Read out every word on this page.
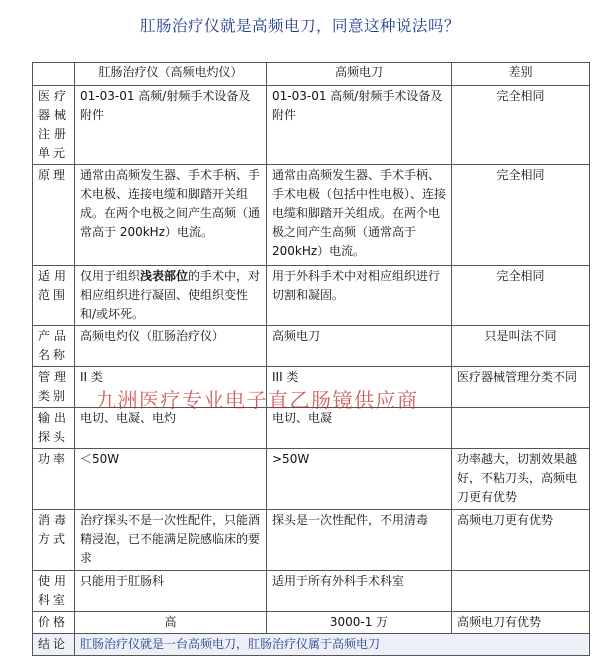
肛肠治疗仪就是高频电刀，同意这种说法吗？
	肛肠治疗仪（高频电灼仪）	高频电刀	差别
医疗器械注册单元	01-03-01 高频/射频手术设备及附件	01-03-01 高频/射频手术设备及附件	完全相同
原理	通常由高频发生器、手术手柄、手术电极、连接电缆和脚踏开关组成。在两个电极之间产生高频（通常高于 200kHz）电流。	通常由高频发生器、手术手柄、手术电极（包括中性电极）、连接电缆和脚踏开关组成。在两个电极之间产生高频（通常高于 200kHz）电流。	完全相同
适用范围	仅用于组织浅表部位的手术中，对相应组织进行凝固、使组织变性和/或坏死。	用于外科手术中对相应组织进行切割和凝固。	完全相同
产品名称	高频电灼仪（肛肠治疗仪）	高频电刀	只是叫法不同
管理类别	II 类	III 类	医疗器械管理分类不同
输出探头	电切、电凝、电灼	电切、电凝	
功率	＜50W	>50W	功率越大，切割效果越好，不粘刀头，高频电刀更有优势
消毒方式	治疗探头不是一次性配件，只能酒精浸泡，已不能满足院感临床的要求	探头是一次性配件，不用清毒	高频电刀更有优势
使用科室	只能用于肛肠科	适用于所有外科手术科室	
价格	高	3000-1 万	高频电刀有优势
结论	肛肠治疗仪就是一台高频电刀，肛肠治疗仪属于高频电刀		
九洲医疗专业电子直乙肠镜供应商
